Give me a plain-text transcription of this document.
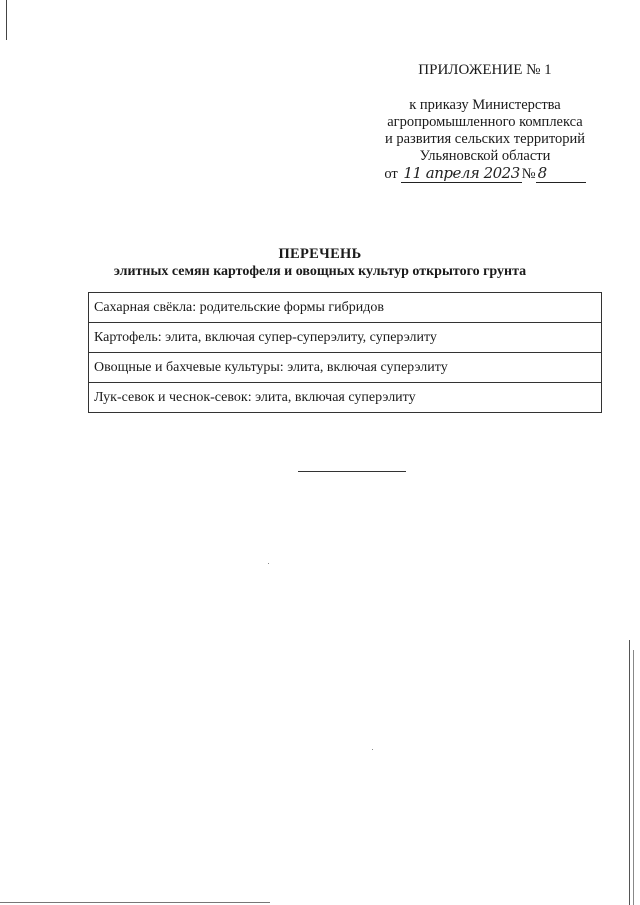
ПРИЛОЖЕНИЕ № 1
к приказу Министерства
агропромышленного комплекса
и развития сельских территорий
Ульяновской области
от
11 апреля 2023 № 8
ПЕРЕЧЕНЬ
элитных семян картофеля и овощных культур открытого грунта
Сахарная свёкла: родительские формы гибридов
Картофель: элита, включая супер-суперэлиту, суперэлиту
Овощные и бахчевые культуры: элита, включая суперэлиту
Лук-севок и чеснок-севок: элита, включая суперэлиту
